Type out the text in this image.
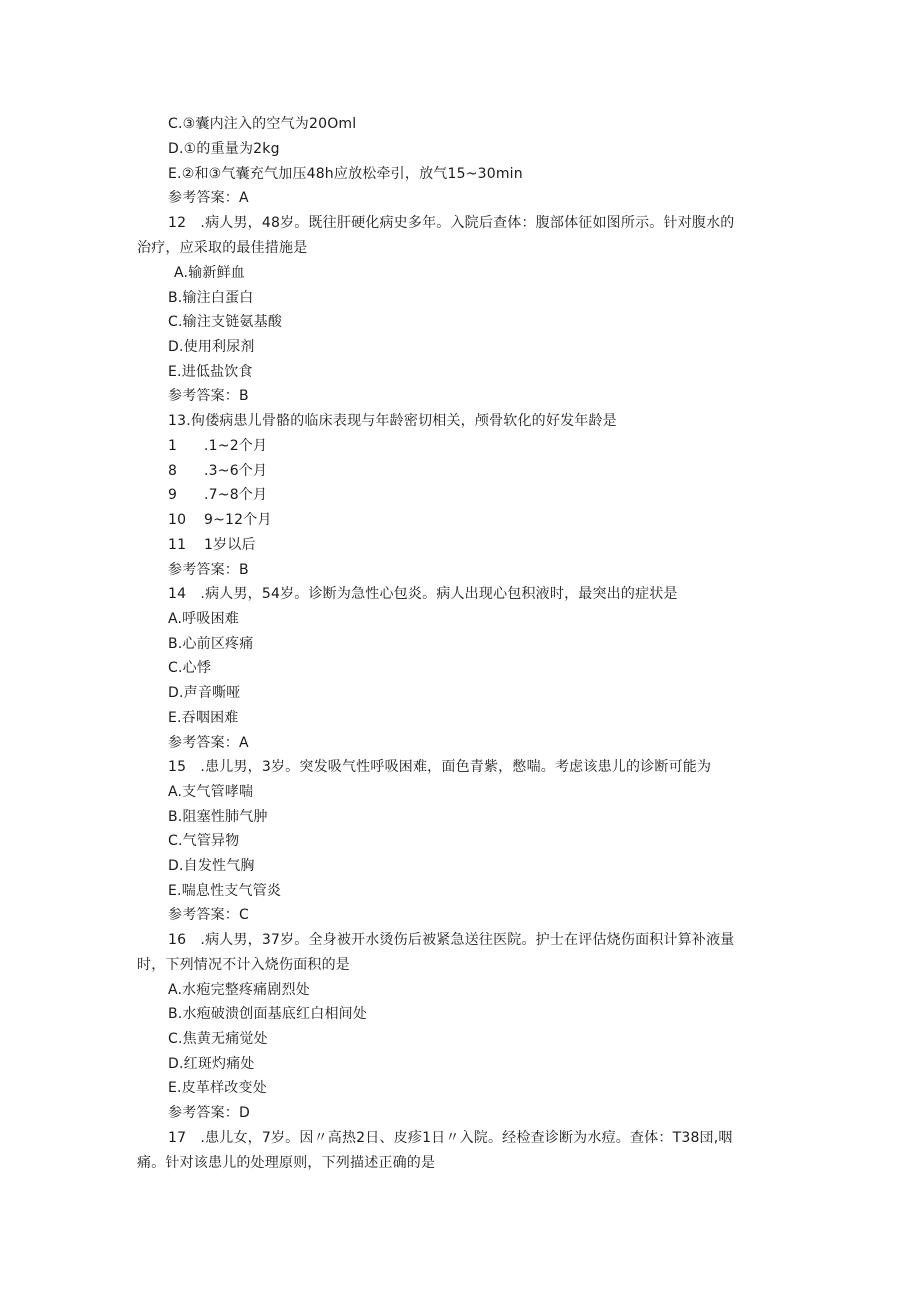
C.③囊内注入的空气为20Oml
D.①的重量为2kg
E.②和③气囊充气加压48h应放松牵引，放气15~30min
参考答案：A
12　.病人男，48岁。既往肝硬化病史多年。入院后查体：腹部体征如图所示。针对腹水的
治疗，应采取的最佳措施是
A.输新鲜血
B.输注白蛋白
C.输注支链氨基酸
D.使用利尿剂
E.进低盐饮食
参考答案：B
13.佝偻病患儿骨骼的临床表现与年龄密切相关，颅骨软化的好发年龄是
1 .1~2个月
8 .3~6个月
9 .7~8个月
10 9~12个月
11 1岁以后
参考答案：B
14　.病人男，54岁。诊断为急性心包炎。病人出现心包积液时，最突出的症状是
A.呼吸困难
B.心前区疼痛
C.心悸
D.声音嘶哑
E.吞咽困难
参考答案：A
15　.患儿男，3岁。突发吸气性呼吸困难，面色青紫，憋喘。考虑该患儿的诊断可能为
A.支气管哮喘
B.阻塞性肺气肿
C.气管异物
D.自发性气胸
E.喘息性支气管炎
参考答案：C
16　.病人男，37岁。全身被开水烫伤后被紧急送往医院。护士在评估烧伤面积计算补液量
时，下列情况不计入烧伤面积的是
A.水疱完整疼痛剧烈处
B.水疱破溃创面基底红白相间处
C.焦黄无痛觉处
D.红斑灼痛处
E.皮革样改变处
参考答案：D
17　.患儿女，7岁。因〃高热2日、皮疹1日〃入院。经检查诊断为水痘。查体：T38団,咽
痛。针对该患儿的处理原则，下列描述正确的是
